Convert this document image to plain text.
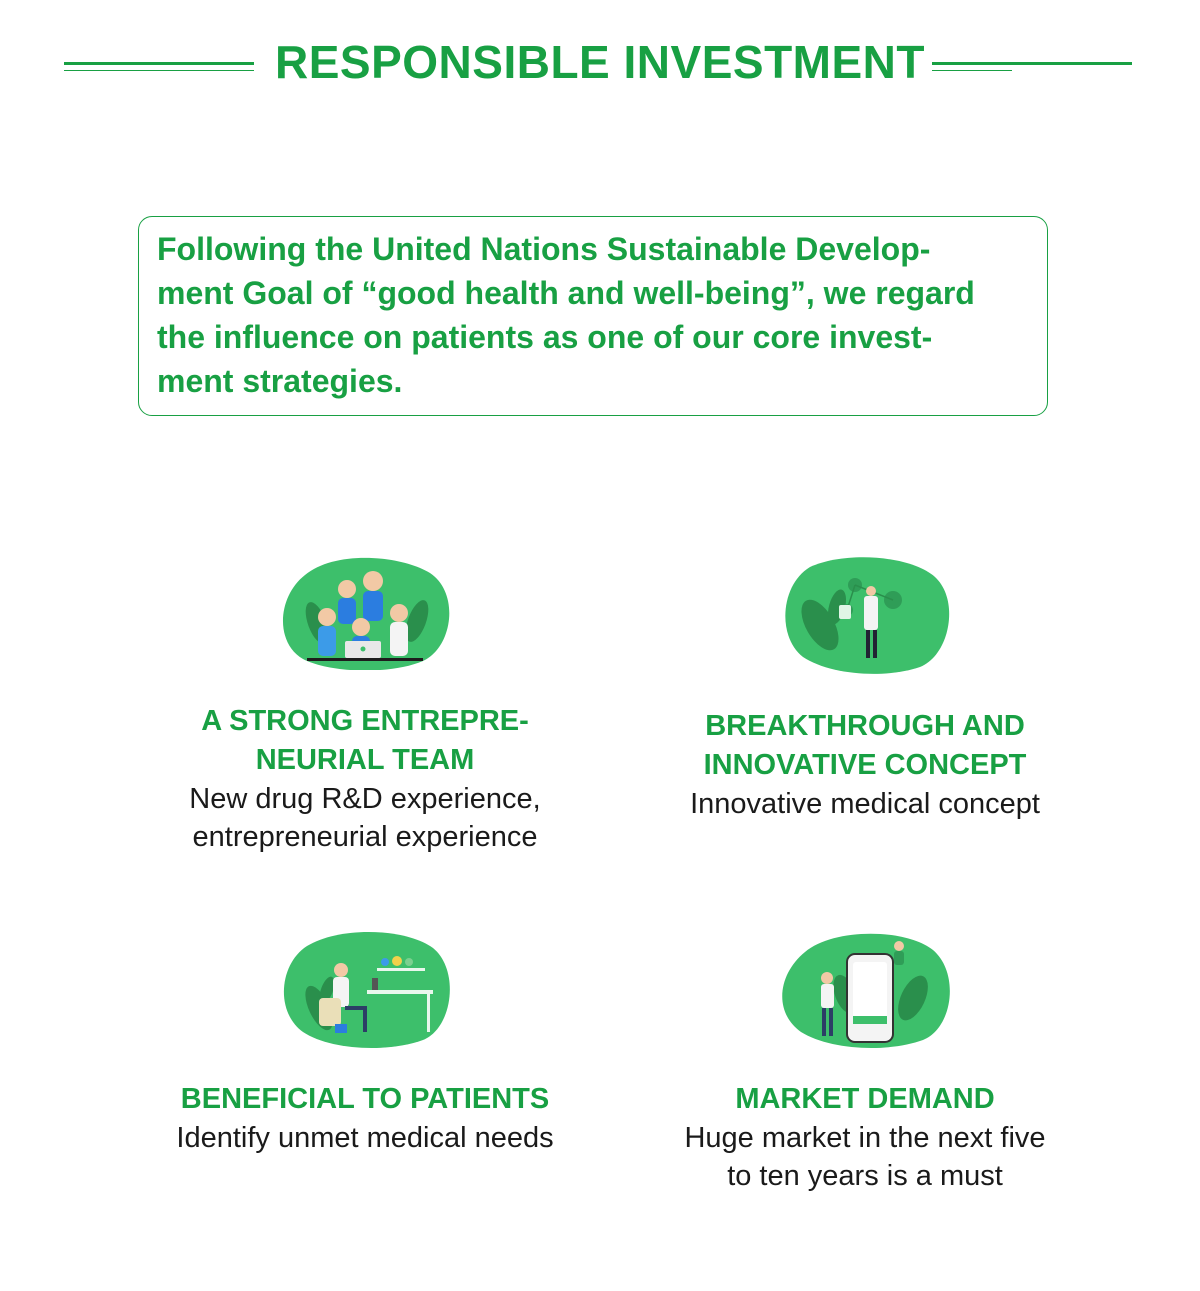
RESPONSIBLE INVESTMENT

Following the United Nations Sustainable Develop-
ment Goal of “good health and well-being”, we regard
the influence on patients as one of our core invest-
ment strategies.

A STRONG ENTREPRE-
NEURIAL TEAM

New drug R&D experience,
entrepreneurial experience

BREAKTHROUGH AND
INNOVATIVE CONCEPT

Innovative medical concept

BENEFICIAL TO PATIENTS

Identify unmet medical needs

MARKET DEMAND

Huge market in the next five
to ten years is a must
